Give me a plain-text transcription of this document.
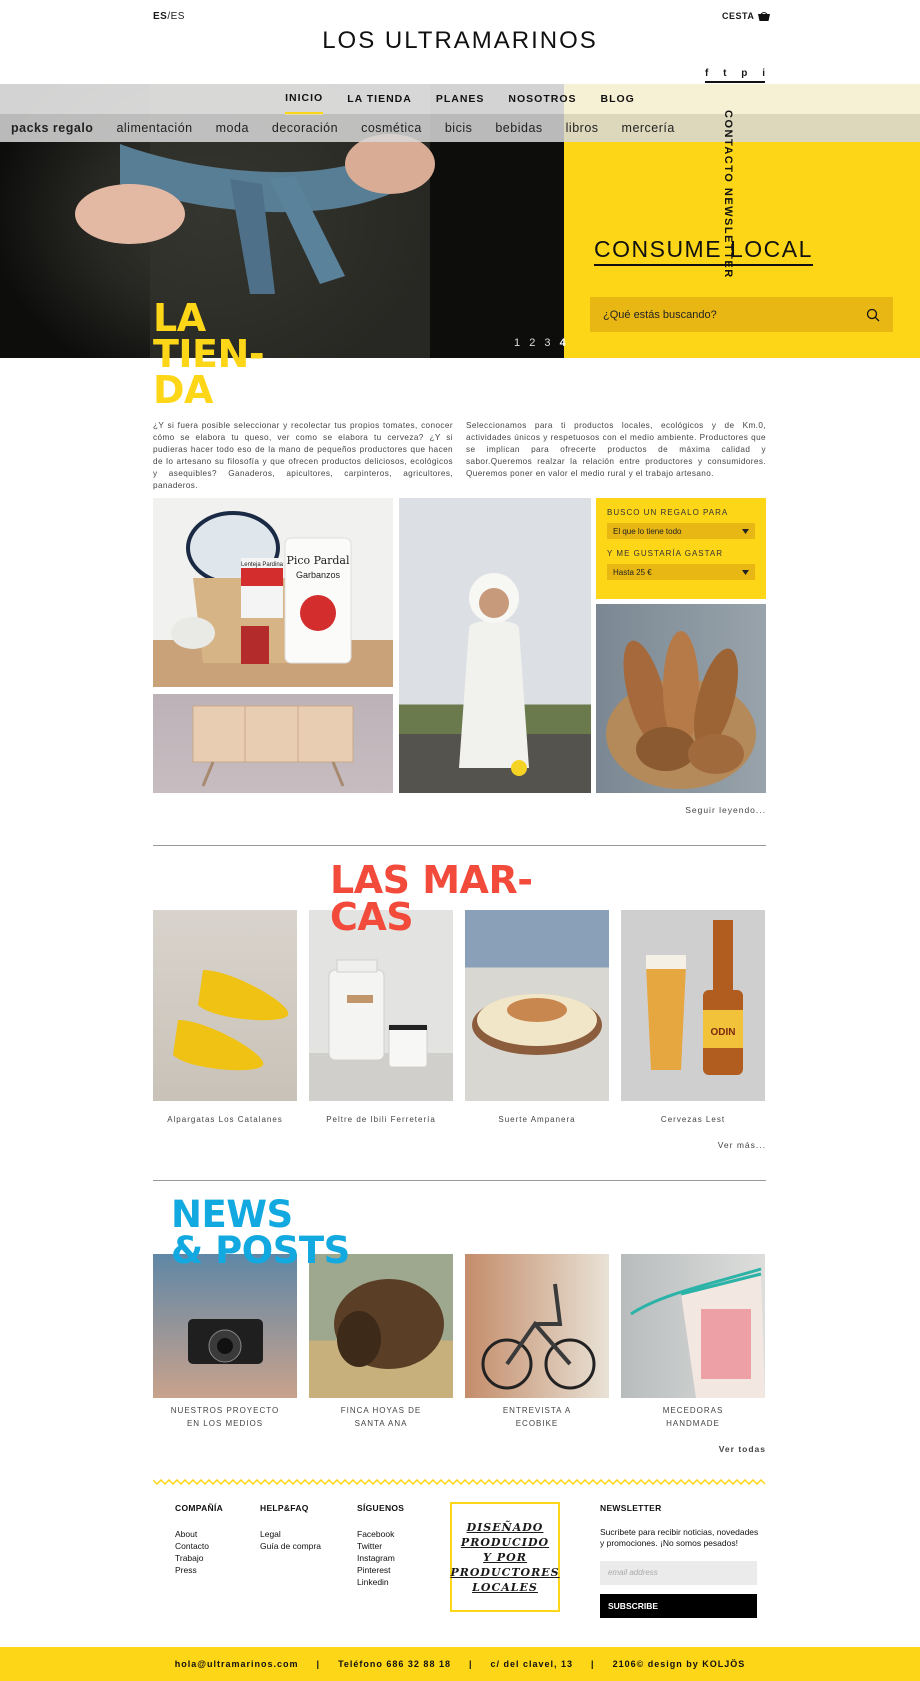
ES/ES
LOS ULTRAMARINOS
CESTA
f t p i
INICIO LA TIENDA PLANES NOSOTROS BLOG
packs regalo alimentación moda decoración cosmética bicis bebidas libros mercería	CONTACTO NEWSLETTER
CONSUME LOCAL
¿Qué estás buscando?
1 2 3 4
LA
TIEN-
DA
¿Y si fuera posible seleccionar y recolectar tus propios tomates, conocer cómo se elabora tu queso, ver como se elabora tu cerveza? ¿Y si pudieras hacer todo eso de la mano de pequeños productores que hacen de lo artesano su filosofía y que ofrecen productos deliciosos, ecológicos y asequibles? Ganaderos, apicultores, carpinteros, agricultores, panaderos.
Seleccionamos para ti productos locales, ecológicos y de Km.0, actividades únicos y respetuosos con el medio ambiente. Productores que se implican para ofrecerte productos de máxima calidad y sabor.Queremos realzar la relación entre productores y consumidores. Queremos poner en valor el medio rural y el trabajo artesano.
Pico Pardal
Garbanzos
Lenteja Pardina
BUSCO UN REGALO PARA
El que lo tiene todo
Y ME GUSTARÍA GASTAR
Hasta 25 €
Seguir leyendo...
LAS MAR-
CAS
ODIN
Alpargatas Los Catalanes	Peltre de Ibili Ferretería	Suerte Ampanera	Cervezas Lest
Ver más...
NEWS
& POSTS
NUESTROS PROYECTO
EN LOS MEDIOS
FINCA HOYAS DE
SANTA ANA
ENTREVISTA A
ECOBIKE
MECEDORAS
HANDMADE
Ver todas
COMPAÑÍA
About
Contacto
Trabajo
Press
HELP&FAQ
Legal
Guía de compra
SÍGUENOS
Facebook
Twitter
Instagram
Pinterest
Linkedin
DISEÑADO
PRODUCIDO
Y POR
PRODUCTORES
LOCALES
NEWSLETTER
Sucribete para recibir noticias, novedades y promociones. ¡No somos pesados!
email address
SUBSCRIBE
hola@ultramarinos.com | Teléfono 686 32 88 18 | c/ del clavel, 13 | 2106© design by KOLJÖS
